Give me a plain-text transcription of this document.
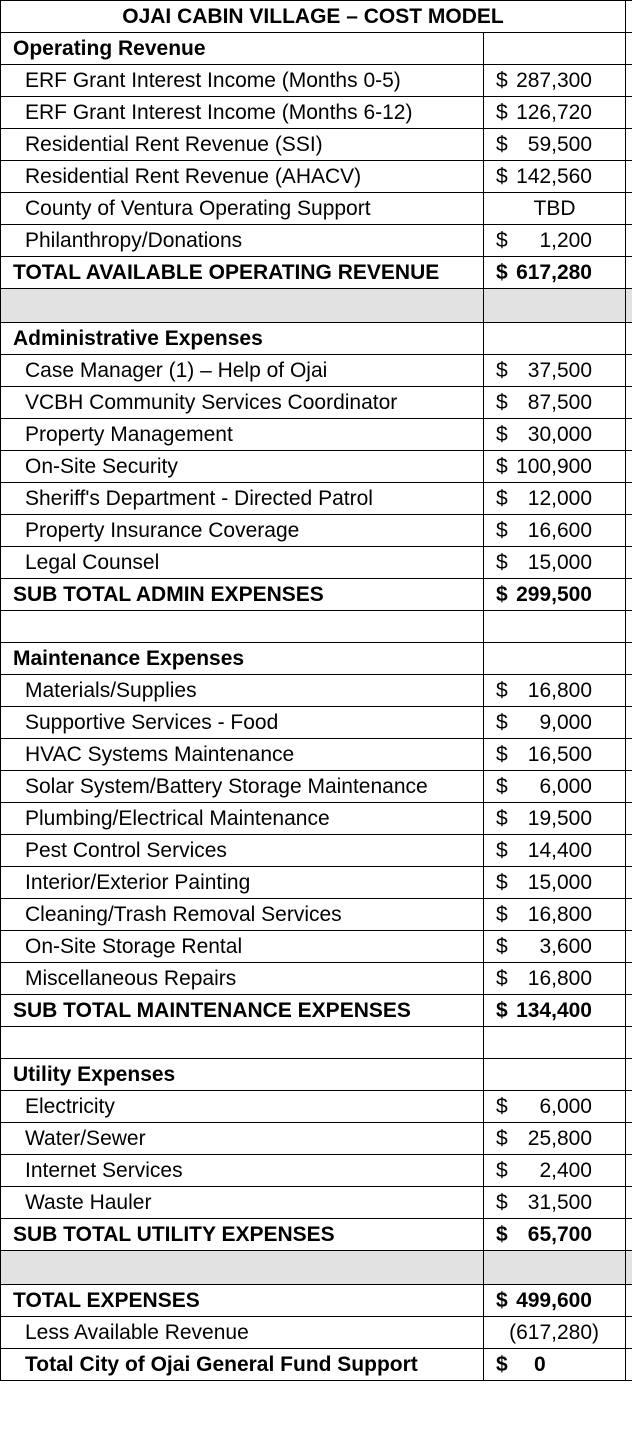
OJAI CABIN VILLAGE – COST MODEL		
Operating Revenue		
ERF Grant Interest Income (Months 0-5)	$ 287,300	
ERF Grant Interest Income (Months 6-12)	$ 126,720	
Residential Rent Revenue (SSI)	$ 59,500	
Residential Rent Revenue (AHACV)	$ 142,560	
County of Ventura Operating Support	TBD	
Philanthropy/Donations	$ 1,200	
TOTAL AVAILABLE OPERATING REVENUE	$ 617,280	

Administrative Expenses		
Case Manager (1) – Help of Ojai	$ 37,500	
VCBH Community Services Coordinator	$ 87,500	
Property Management	$ 30,000	
On-Site Security	$ 100,900	
Sheriff's Department - Directed Patrol	$ 12,000	
Property Insurance Coverage	$ 16,600	
Legal Counsel	$ 15,000	
SUB TOTAL ADMIN EXPENSES	$ 299,500	

Maintenance Expenses		
Materials/Supplies	$ 16,800	
Supportive Services - Food	$ 9,000	
HVAC Systems Maintenance	$ 16,500	
Solar System/Battery Storage Maintenance	$ 6,000	
Plumbing/Electrical Maintenance	$ 19,500	
Pest Control Services	$ 14,400	
Interior/Exterior Painting	$ 15,000	
Cleaning/Trash Removal Services	$ 16,800	
On-Site Storage Rental	$ 3,600	
Miscellaneous Repairs	$ 16,800	
SUB TOTAL MAINTENANCE EXPENSES	$ 134,400	

Utility Expenses		
Electricity	$ 6,000	
Water/Sewer	$ 25,800	
Internet Services	$ 2,400	
Waste Hauler	$ 31,500	
SUB TOTAL UTILITY EXPENSES	$ 65,700	

TOTAL EXPENSES	$ 499,600	
Less Available Revenue	(617,280)	
Total City of Ojai General Fund Support	$ 0	
